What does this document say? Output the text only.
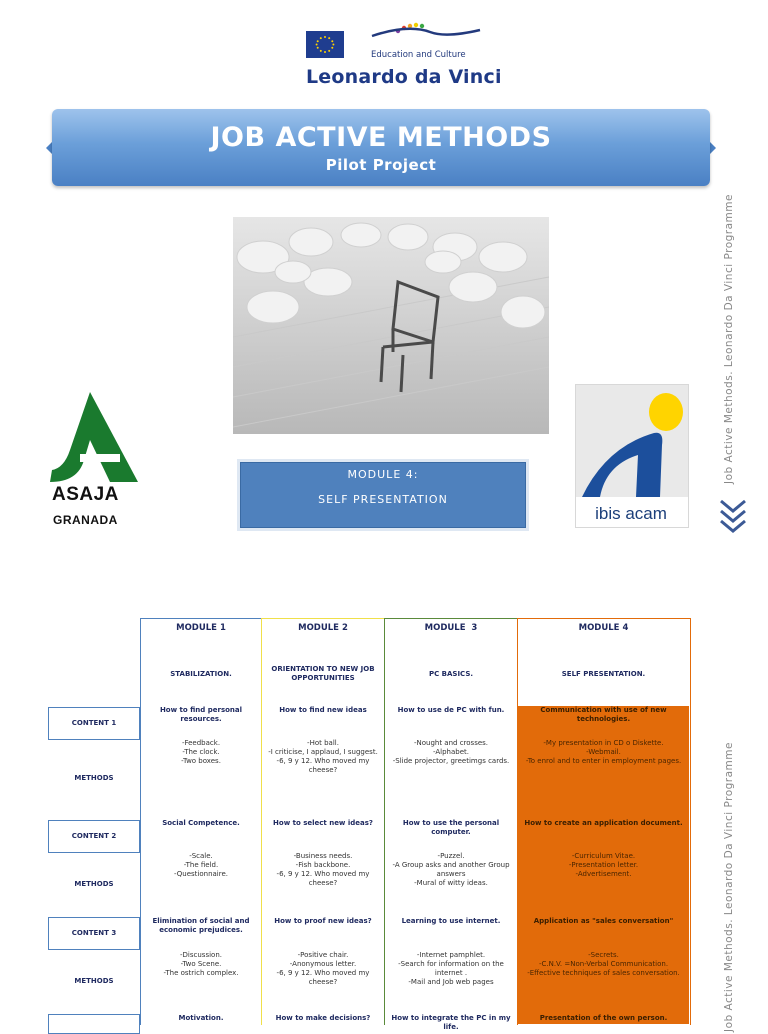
Education and Culture
Leonardo da Vinci
JOB ACTIVE METHODS
Pilot Project
MODULE 4:
SELF PRESENTATION
ASAJA
GRANADA	ibis acam
Job Active Methods. Leonardo Da Vinci Programme
Job Active Methods. Leonardo Da Vinci Programme
CONTENT 1
METHODS
CONTENT 2
METHODS
CONTENT 3
METHODS
MODULE 1
STABILIZATION.
How to find personal resources.
-Feedback.
-The clock.
-Two boxes.
Social Competence.
-Scale.
-The field.
-Questionnaire.
Elimination of social and economic prejudices.
-Discussion.
-Two Scene.
-The ostrich complex.
Motivation.
MODULE 2
ORIENTATION TO NEW JOB OPPORTUNITIES
How to find new ideas
-Hot ball.
-I criticise, I applaud, I suggest.
-6, 9 y 12. Who moved my cheese?
How to select new ideas?
-Business needs.
-Fish backbone.
-6, 9 y 12. Who moved my cheese?
How to proof new ideas?
-Positive chair.
-Anonymous letter.
-6, 9 y 12. Who moved my cheese?
How to make decisions?
MODULE  3
PC BASICS.
How to use de PC with fun.
-Nought and crosses.
-Alphabet.
-Slide projector, greetimgs cards.
How to use the personal computer.
-Puzzel.
-A Group asks and another Group answers
-Mural of witty ideas.
Learning to use internet.
-Internet pamphlet.
-Search for information on the internet .
-Mail and Job web pages
How to integrate the PC in my life.
MODULE 4
SELF PRESENTATION.
Communication with use of new technologies.
-My presentation in CD o Diskette.
-Webmail.
-To enrol and to enter in employment pages.
How to create an application document.
-Curriculum Vitae.
-Presentation letter.
-Advertisement.
Application as "sales conversation"
-Secrets.
-C.N.V. =Non-Verbal Communication.
-Effective techniques of sales conversation.
Presentation of the own person.
